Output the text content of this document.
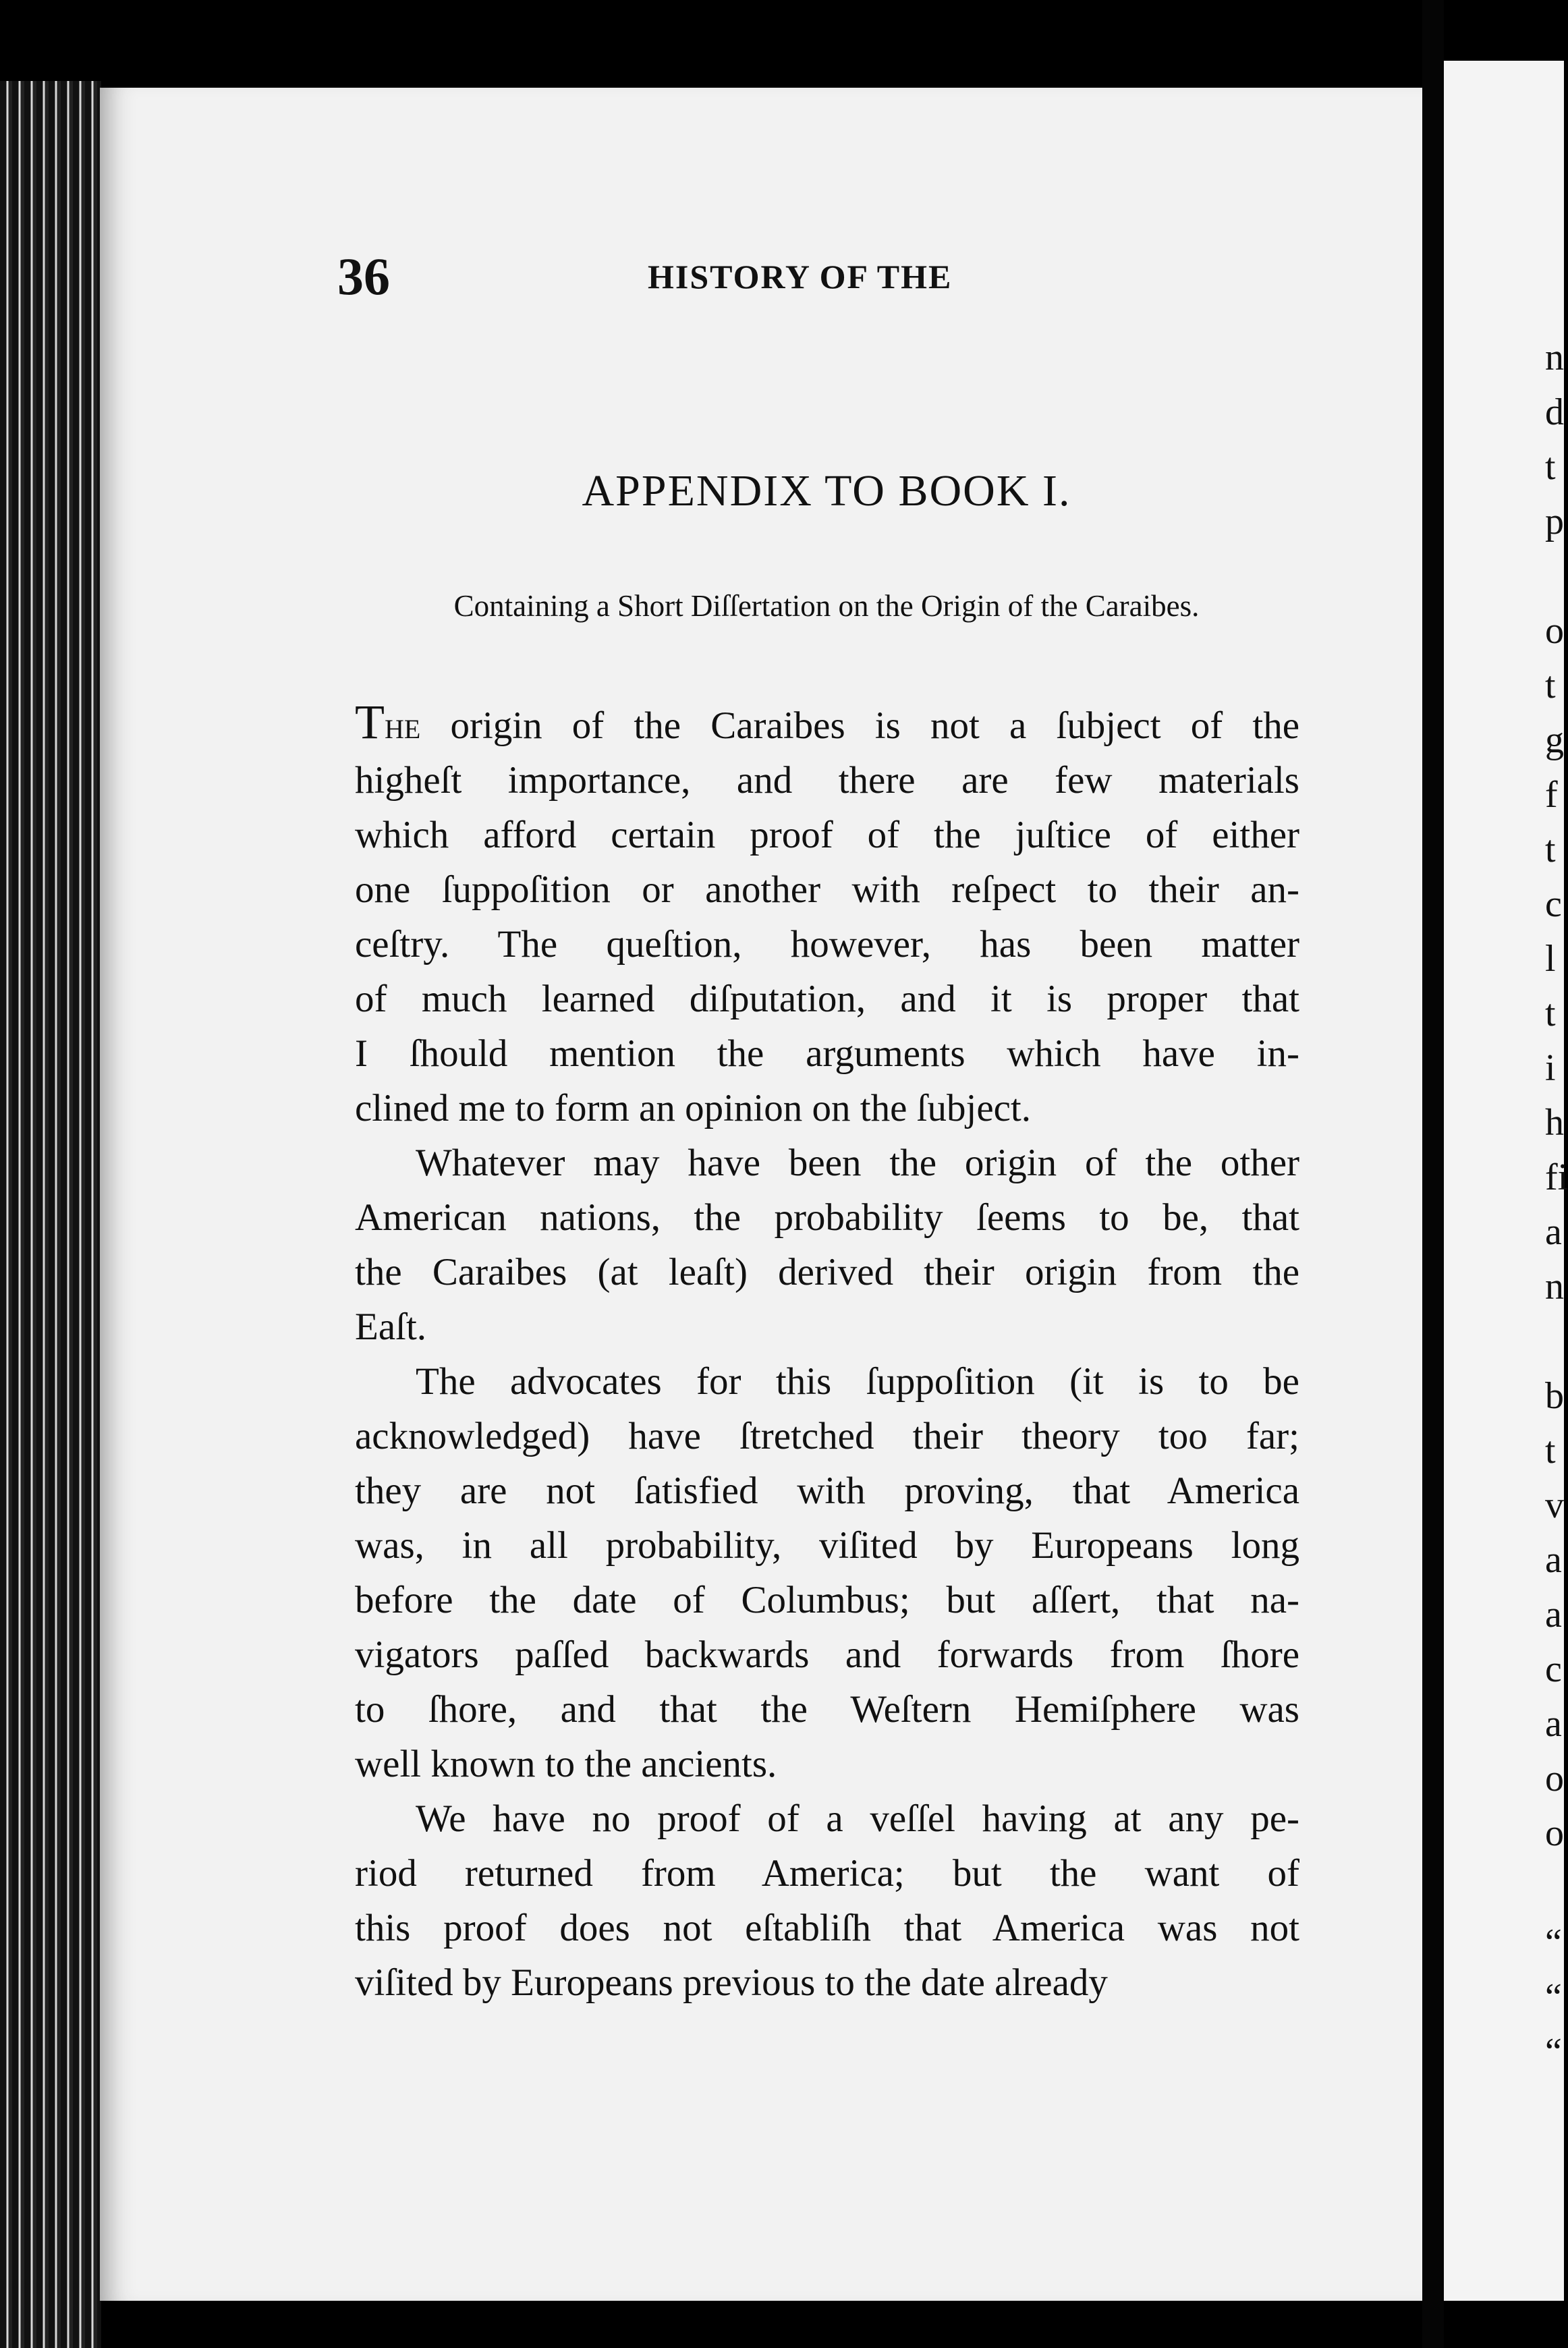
36	HISTORY OF THE
APPENDIX TO BOOK I.
Containing a Short Diſſertation on the Origin of the Caraibes.
The origin of the Caraibes is not a ſubject of the
higheſt importance, and there are few materials
which afford certain proof of the juſtice of either
one ſuppoſition or another with reſpect to their an-
ceſtry. The queſtion, however, has been matter
of much learned diſputation, and it is proper that
I ſhould mention the arguments which have in-
clined me to form an opinion on the ſubject.
Whatever may have been the origin of the other
American nations, the probability ſeems to be, that
the Caraibes (at leaſt) derived their origin from the
Eaſt.
The advocates for this ſuppoſition (it is to be
acknowledged) have ſtretched their theory too far;
they are not ſatisfied with proving, that America
was, in all probability, viſited by Europeans long
before the date of Columbus; but aſſert, that na-
vigators paſſed backwards and forwards from ſhore
to ſhore, and that the Weſtern Hemiſphere was
well known to the ancients.
We have no proof of a veſſel having at any pe-
riod returned from America; but the want of
this proof does not eſtabliſh that America was not
viſited by Europeans previous to the date already
n
d
t
p

o
t
g
f
t
c
l
t
i
h
fi
a
n

b
t
v
a
a
c
a
o
o

“
“
“
